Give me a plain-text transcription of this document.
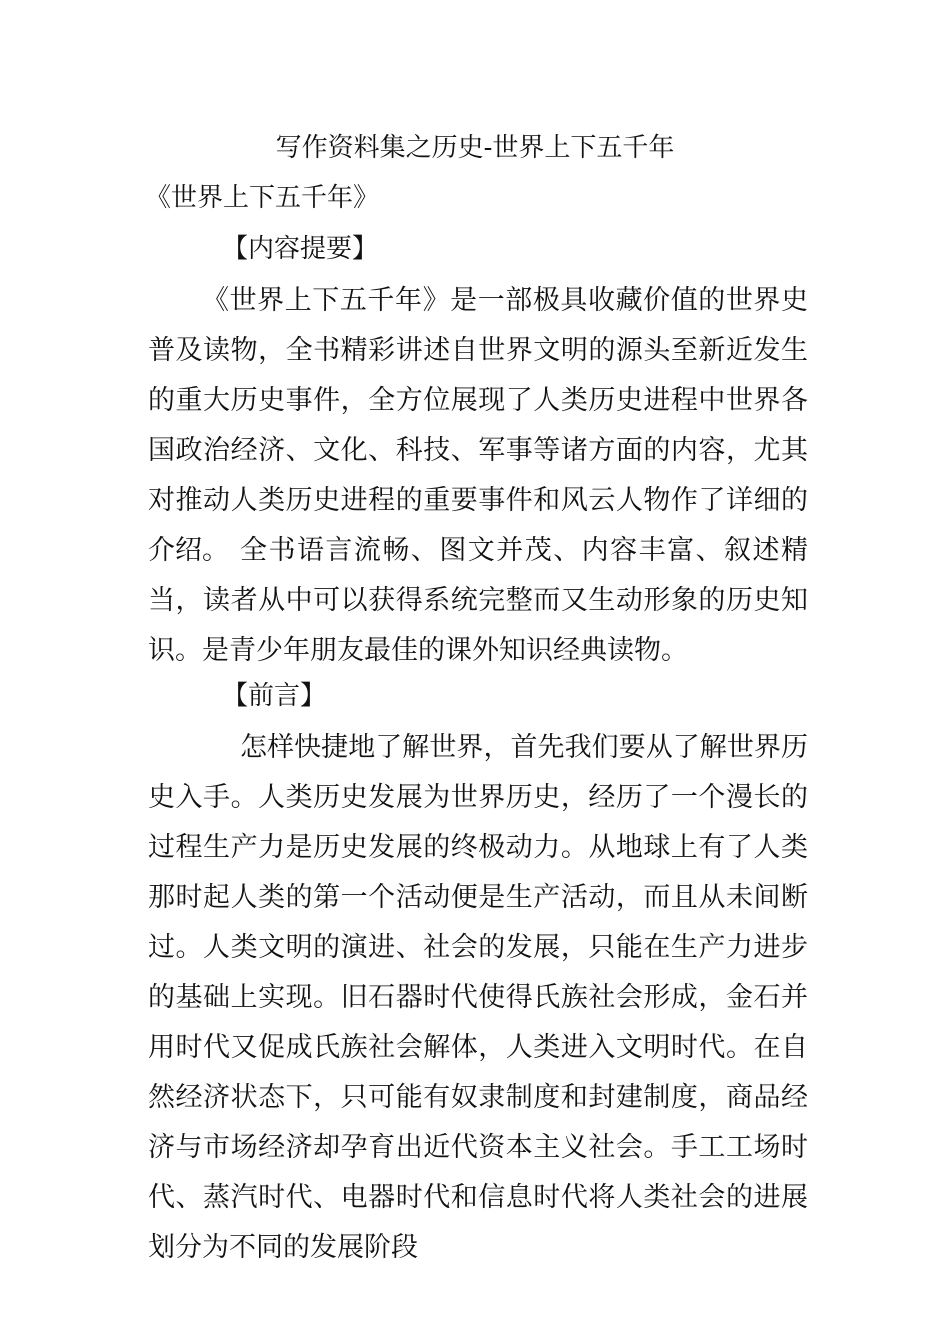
写作资料集之历史-世界上下五千年

《世界上下五千年》

【内容提要】

《世界上下五千年》是一部极具收藏价值的世界史普及读物，全书精彩讲述自世界文明的源头至新近发生的重大历史事件，全方位展现了人类历史进程中世界各国政治经济、文化、科技、军事等诸方面的内容，尤其对推动人类历史进程的重要事件和风云人物作了详细的介绍。 全书语言流畅、图文并茂、内容丰富、叙述精当，读者从中可以获得系统完整而又生动形象的历史知识。是青少年朋友最佳的课外知识经典读物。

【前言】

怎样快捷地了解世界，首先我们要从了解世界历史入手。人类历史发展为世界历史，经历了一个漫长的过程生产力是历史发展的终极动力。从地球上有了人类那时起人类的第一个活动便是生产活动，而且从未间断过。人类文明的演进、社会的发展，只能在生产力进步的基础上实现。旧石器时代使得氏族社会形成，金石并用时代又促成氏族社会解体，人类进入文明时代。在自然经济状态下，只可能有奴隶制度和封建制度，商品经济与市场经济却孕育出近代资本主义社会。手工工场时代、蒸汽时代、电器时代和信息时代将人类社会的进展划分为不同的发展阶段
